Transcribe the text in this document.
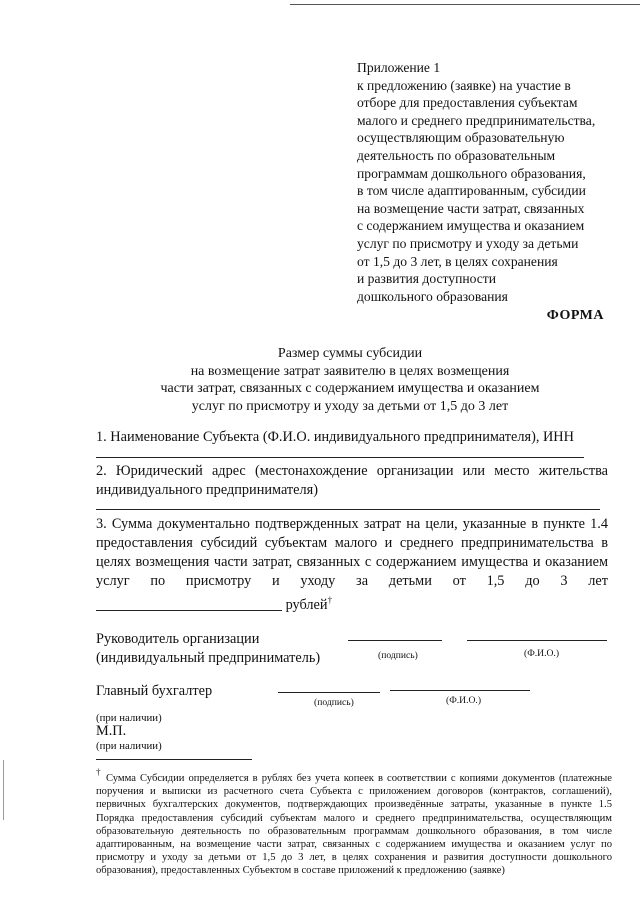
Приложение 1
к предложению (заявке) на участие в
отборе для предоставления субъектам
малого и среднего предпринимательства,
осуществляющим образовательную
деятельность по образовательным
программам дошкольного образования,
в том числе адаптированным, субсидии
на возмещение части затрат, связанных
с содержанием имущества и оказанием
услуг по присмотру и уходу за детьми
от 1,5 до 3 лет, в целях сохранения
и развития доступности
дошкольного образования
ФОРМА
Размер суммы субсидии
на возмещение затрат заявителю в целях возмещения
части затрат, связанных с содержанием имущества и оказанием
услуг по присмотру и уходу за детьми от 1,5 до 3 лет
1. Наименование Субъекта (Ф.И.О. индивидуального предпринимателя), ИНН
2. Юридический адрес (местонахождение организации или место жительства индивидуального предпринимателя)
3. Сумма документально подтвержденных затрат на цели, указанные в пункте 1.4 предоставления субсидий субъектам малого и среднего предпринимательства в целях возмещения части затрат, связанных с содержанием имущества и оказанием услуг по присмотру и уходу за детьми от 1,5 до 3 лет  рублей†
Руководитель организации
(индивидуальный предприниматель)	(подпись)	(Ф.И.О.)
Главный бухгалтер
(подпись)	(Ф.И.О.)
(при наличии)
М.П.
(при наличии)
† Сумма Субсидии определяется в рублях без учета копеек в соответствии с копиями документов (платежные поручения и выписки из расчетного счета Субъекта с приложением договоров (контрактов, соглашений), первичных бухгалтерских документов, подтверждающих произведённые затраты, указанные в пункте 1.5 Порядка предоставления субсидий субъектам малого и среднего предпринимательства, осуществляющим образовательную деятельность по образовательным программам дошкольного образования, в том числе адаптированным, на возмещение части затрат, связанных с содержанием имущества и оказанием услуг по присмотру и уходу за детьми от 1,5 до 3 лет, в целях сохранения и развития доступности дошкольного образования), предоставленных Субъектом в составе приложений к предложению (заявке)
